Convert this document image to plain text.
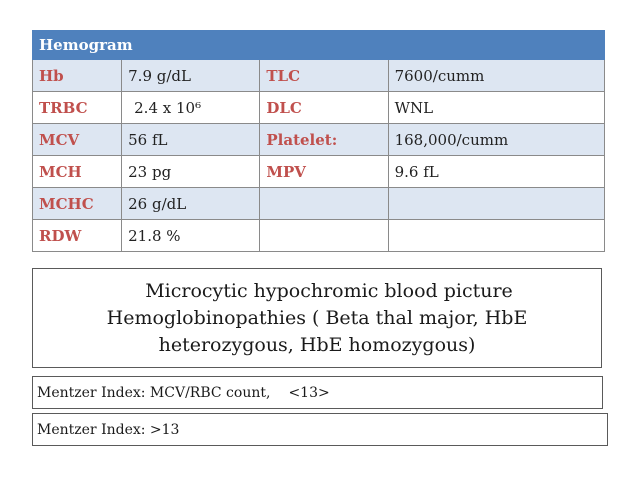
Hemogram			
Hb	7.9 g/dL	TLC	7600/cumm
TRBC	2.4 x 10⁶	DLC	WNL
MCV	56 fL	Platelet:	168,000/cumm
MCH	23 pg	MPV	9.6 fL
MCHC	26 g/dL		
RDW	21.8 %		
Microcytic hypochromic blood picture
Hemoglobinopathies ( Beta thal major, HbE
heterozygous, HbE homozygous)
Mentzer Index: MCV/RBC count, <13>
Mentzer Index: >13
